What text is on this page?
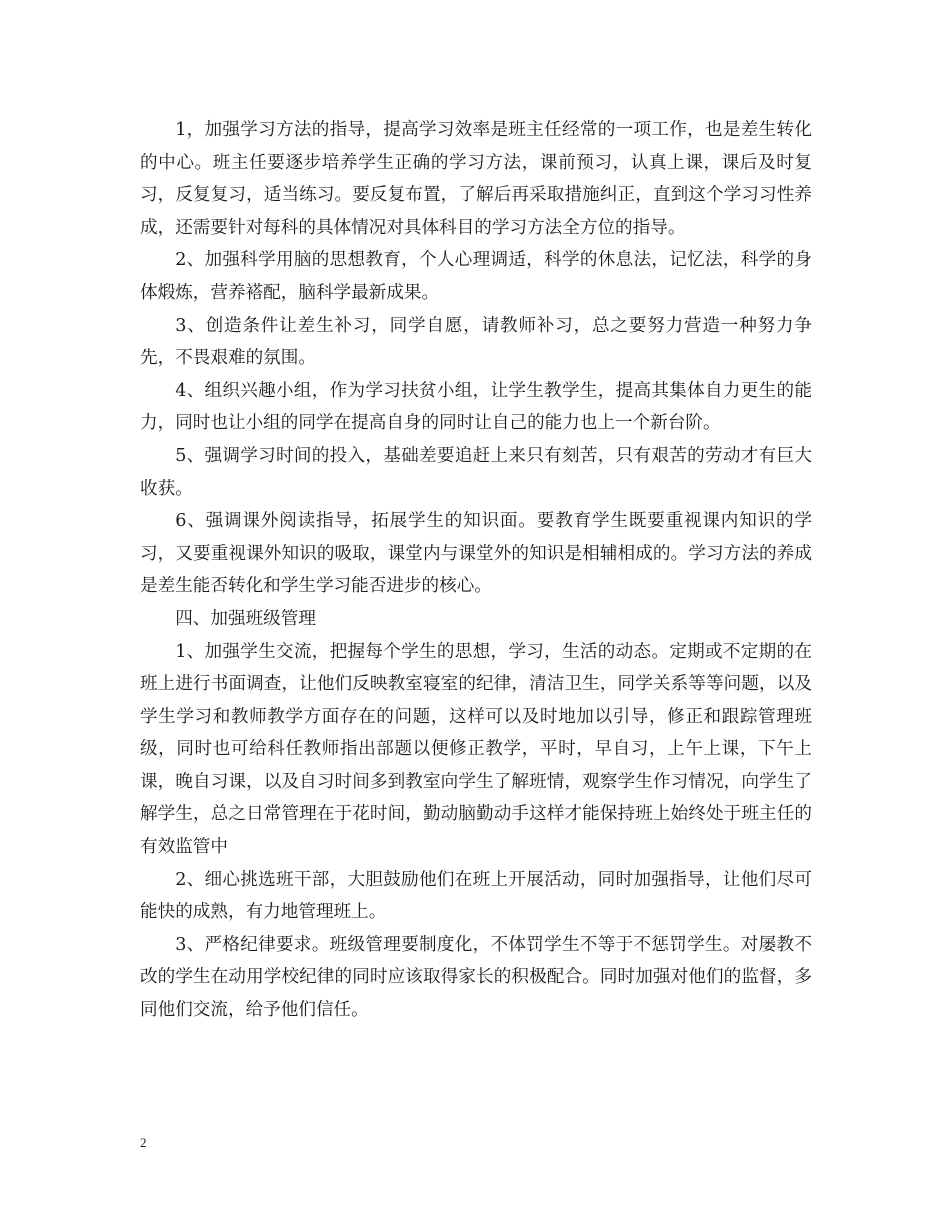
1，加强学习方法的指导，提高学习效率是班主任经常的一项工作，也是差生转化的中心。班主任要逐步培养学生正确的学习方法，课前预习，认真上课，课后及时复习，反复复习，适当练习。要反复布置，了解后再采取措施纠正，直到这个学习习性养成，还需要针对每科的具体情况对具体科目的学习方法全方位的指导。

2、加强科学用脑的思想教育，个人心理调适，科学的休息法，记忆法，科学的身体煅炼，营养褡配，脑科学最新成果。

3、创造条件让差生补习，同学自愿，请教师补习，总之要努力营造一种努力争先，不畏艰难的氛围。

4、组织兴趣小组，作为学习扶贫小组，让学生教学生，提高其集体自力更生的能力，同时也让小组的同学在提高自身的同时让自己的能力也上一个新台阶。

5、强调学习时间的投入，基础差要追赶上来只有刻苦，只有艰苦的劳动才有巨大收获。

6、强调课外阅读指导，拓展学生的知识面。要教育学生既要重视课内知识的学习，又要重视课外知识的吸取，课堂内与课堂外的知识是相辅相成的。学习方法的养成是差生能否转化和学生学习能否进步的核心。

四、加强班级管理

1、加强学生交流，把握每个学生的思想，学习，生活的动态。定期或不定期的在班上进行书面调查，让他们反映教室寝室的纪律，清洁卫生，同学关系等等问题，以及学生学习和教师教学方面存在的问题，这样可以及时地加以引导，修正和跟踪管理班级，同时也可给科任教师指出部题以便修正教学，平时，早自习，上午上课，下午上课，晚自习课，以及自习时间多到教室向学生了解班情，观察学生作习情况，向学生了解学生，总之日常管理在于花时间，勤动脑勤动手这样才能保持班上始终处于班主任的有效监管中

2、细心挑选班干部，大胆鼓励他们在班上开展活动，同时加强指导，让他们尽可能快的成熟，有力地管理班上。

3、严格纪律要求。班级管理要制度化，不体罚学生不等于不惩罚学生。对屡教不改的学生在动用学校纪律的同时应该取得家长的积极配合。同时加强对他们的监督，多同他们交流，给予他们信任。

2
